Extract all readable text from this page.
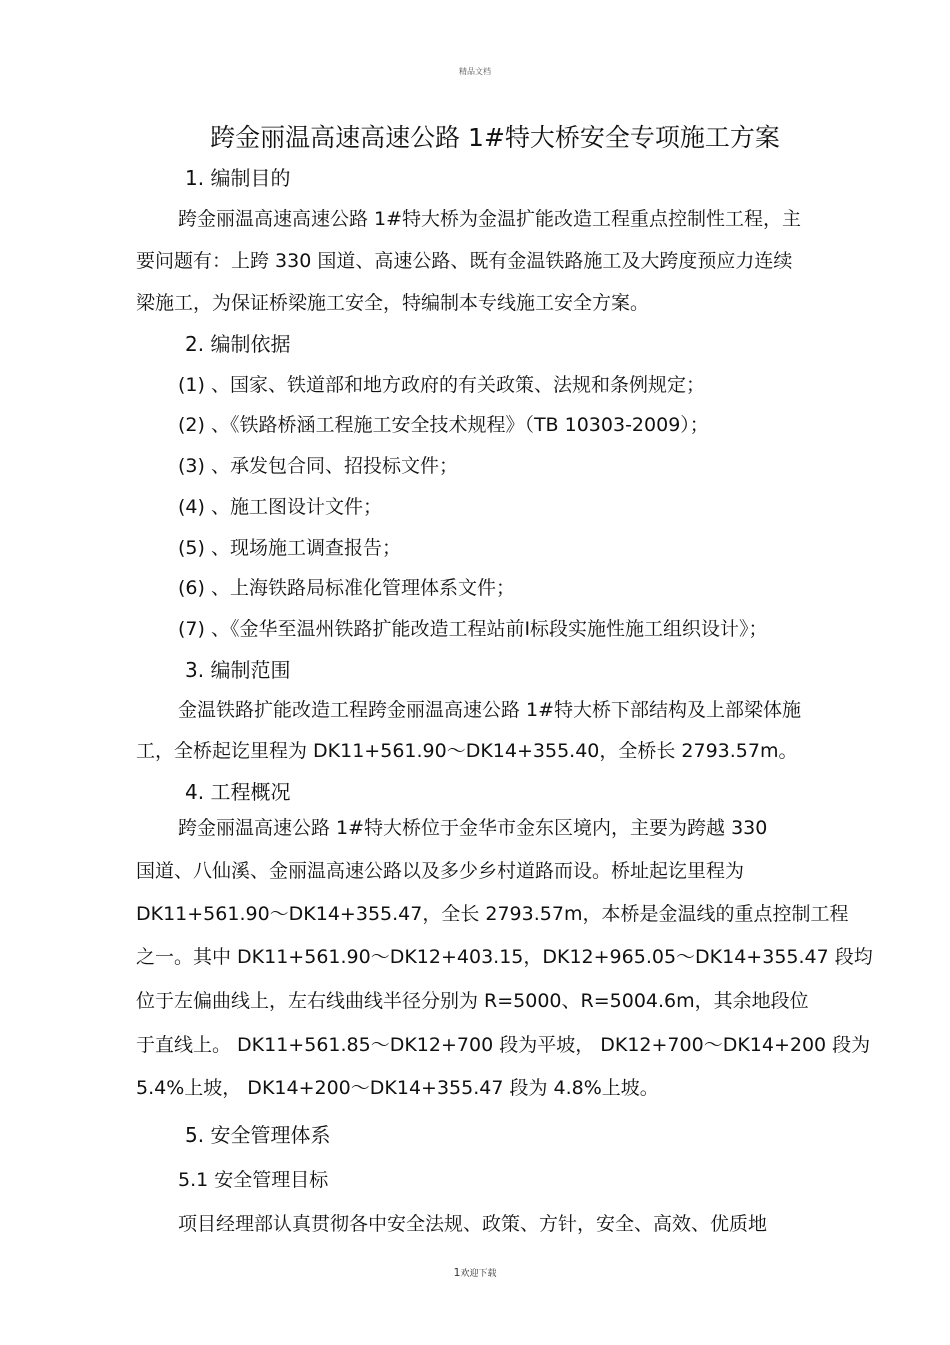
精品文档
跨金丽温高速高速公路 1#特大桥安全专项施工方案
1. 编制目的
跨金丽温高速高速公路 1#特大桥为金温扩能改造工程重点控制性工程，主
要问题有：上跨 330 国道、高速公路、既有金温铁路施工及大跨度预应力连续
梁施工，为保证桥梁施工安全，特编制本专线施工安全方案。
2. 编制依据
(1) 、国家、铁道部和地方政府的有关政策、法规和条例规定；
(2) 、《铁路桥涵工程施工安全技术规程》（TB 10303-2009）；
(3) 、承发包合同、招投标文件；
(4) 、施工图设计文件；
(5) 、现场施工调查报告；
(6) 、上海铁路局标准化管理体系文件；
(7) 、《金华至温州铁路扩能改造工程站前Ⅰ标段实施性施工组织设计》；
3. 编制范围
金温铁路扩能改造工程跨金丽温高速公路 1#特大桥下部结构及上部梁体施
工，全桥起讫里程为 DK11+561.90～DK14+355.40，全桥长 2793.57m。
4. 工程概况
跨金丽温高速公路 1#特大桥位于金华市金东区境内，主要为跨越 330
国道、八仙溪、金丽温高速公路以及多少乡村道路而设。桥址起讫里程为
DK11+561.90～DK14+355.47，全长 2793.57m，本桥是金温线的重点控制工程
之一。其中 DK11+561.90～DK12+403.15，DK12+965.05～DK14+355.47 段均
位于左偏曲线上，左右线曲线半径分别为 R=5000、R=5004.6m，其余地段位
于直线上。 DK11+561.85～DK12+700 段为平坡， DK12+700～DK14+200 段为
5.4%上坡， DK14+200～DK14+355.47 段为 4.8%上坡。
5. 安全管理体系
5.1 安全管理目标
项目经理部认真贯彻各中安全法规、政策、方针，安全、高效、优质地
1欢迎下载
